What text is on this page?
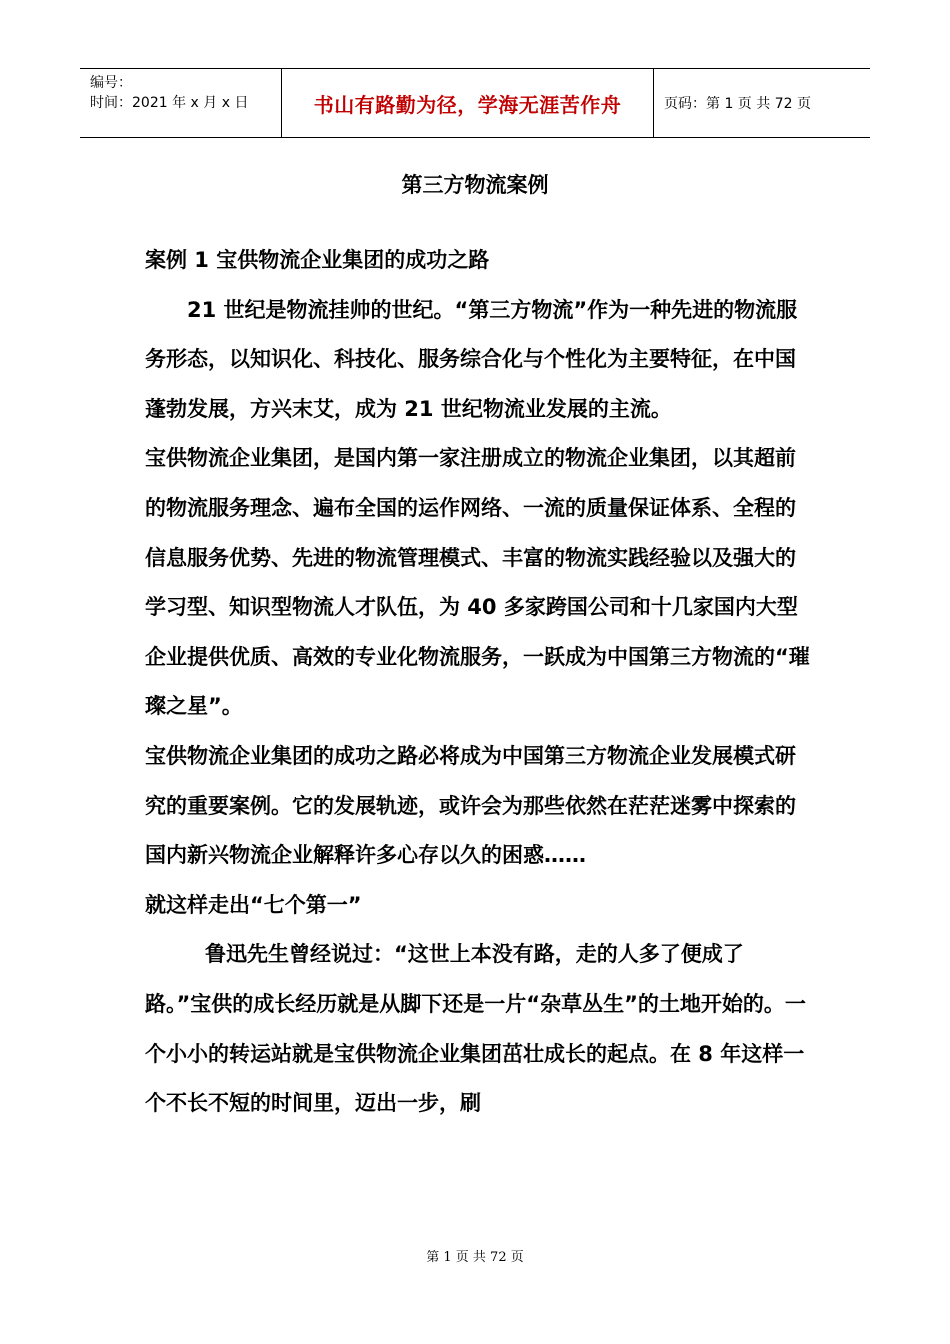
编号：
时间：2021 年 x 月 x 日	书山有路勤为径，学海无涯苦作舟	页码：第 1 页 共 72 页
第三方物流案例

案例 1 宝供物流企业集团的成功之路

21 世纪是物流挂帅的世纪。“第三方物流”作为一种先进的物流服务形态，以知识化、科技化、服务综合化与个性化为主要特征，在中国蓬勃发展，方兴末艾，成为 21 世纪物流业发展的主流。

宝供物流企业集团，是国内第一家注册成立的物流企业集团，以其超前的物流服务理念、遍布全国的运作网络、一流的质量保证体系、全程的信息服务优势、先进的物流管理模式、丰富的物流实践经验以及强大的学习型、知识型物流人才队伍，为 40 多家跨国公司和十几家国内大型企业提供优质、高效的专业化物流服务，一跃成为中国第三方物流的“璀璨之星”。

宝供物流企业集团的成功之路必将成为中国第三方物流企业发展模式研究的重要案例。它的发展轨迹，或许会为那些依然在茫茫迷雾中探索的国内新兴物流企业解释许多心存以久的困惑……

就这样走出“七个第一”

鲁迅先生曾经说过：“这世上本没有路，走的人多了便成了路。”宝供的成长经历就是从脚下还是一片“杂草丛生”的土地开始的。一个小小的转运站就是宝供物流企业集团茁壮成长的起点。在 8 年这样一个不长不短的时间里，迈出一步，刷

第 1 页 共 72 页
